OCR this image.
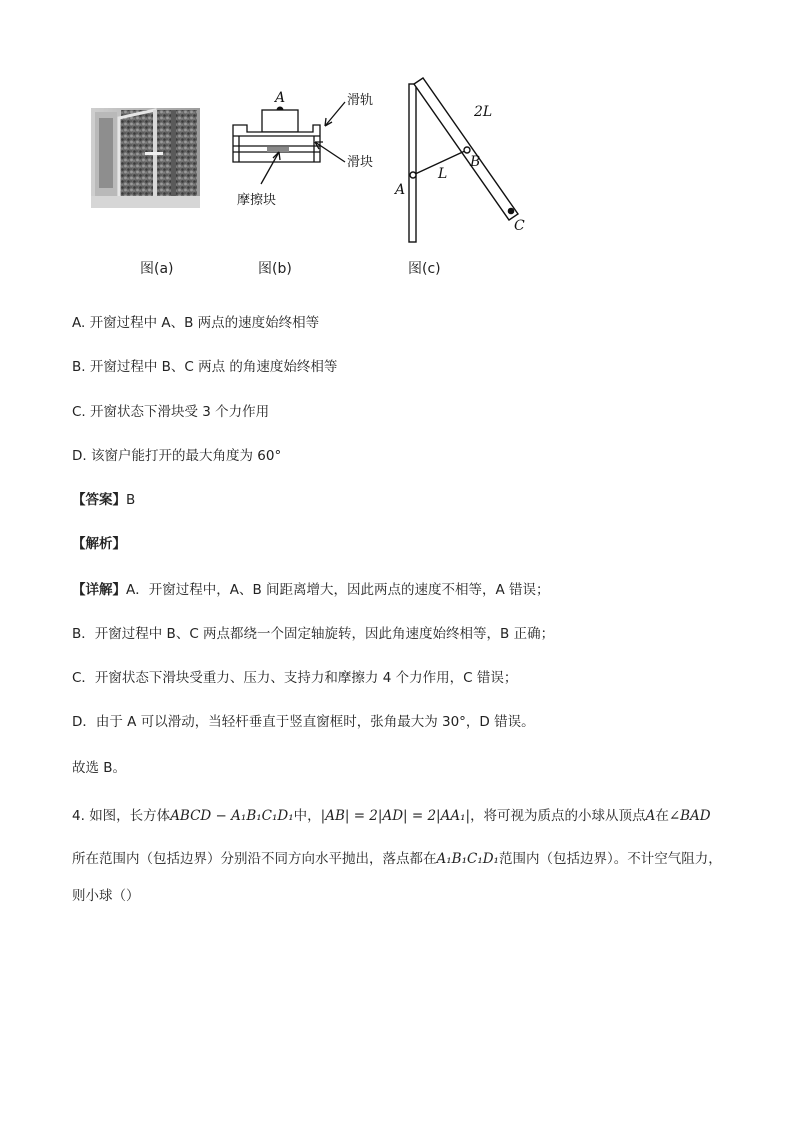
A	滑轨
滑块
摩擦块
2L
L
A
B
C
图(a)	图(b)	图(c)
A. 开窗过程中 A、B 两点的速度始终相等
B. 开窗过程中 B、C 两点 的角速度始终相等
C. 开窗状态下滑块受 3 个力作用
D. 该窗户能打开的最大角度为 60°
【答案】B
【解析】
【详解】A．开窗过程中，A、B 间距离增大，因此两点的速度不相等，A 错误；
B．开窗过程中 B、C 两点都绕一个固定轴旋转，因此角速度始终相等，B 正确；
C．开窗状态下滑块受重力、压力、支持力和摩擦力 4 个力作用，C 错误；
D．由于 A 可以滑动，当轻杆垂直于竖直窗框时，张角最大为 30°，D 错误。
故选 B。
4. 如图，长方体ABCD − A₁B₁C₁D₁中，|AB| = 2|AD| = 2|AA₁|，将可视为质点的小球从顶点A在∠BAD
所在范围内（包括边界）分别沿不同方向水平抛出，落点都在A₁B₁C₁D₁范围内（包括边界）。不计空气阻力，
则小球（）
